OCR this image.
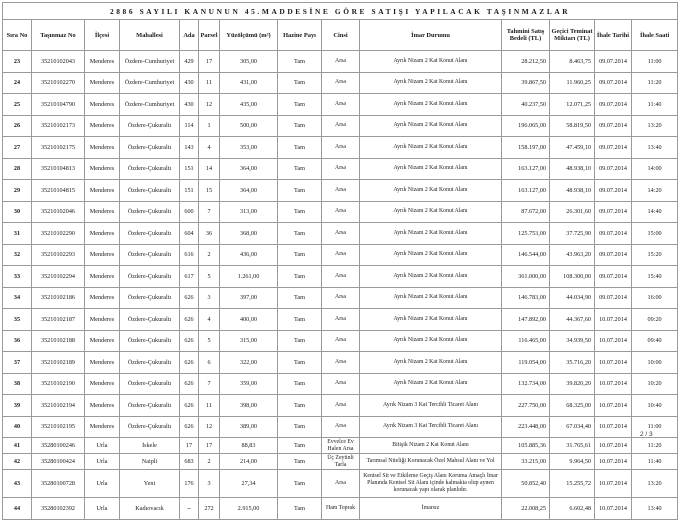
2886 SAYILI KANUNUN 45.MADDESİNE GÖRE SATIŞI YAPILACAK TAŞINMAZLAR													
Sıra No	Taşınmaz No	İlçesi	Mahallesi	Ada	Parsel	Yüzölçümü (m²)	Hazine Payı	Cinsi	İmar Durumu	Tahmini Satış Bedeli (TL)	Geçici Teminat Miktarı (TL)	İhale Tarihi	İhale Saati
23	35210102043	Menderes	Özdere-Cumhuriyet	429	17	305,00	Tam	Arsa	Ayrık Nizam 2 Kat Konut Alanı	28.212,50	8.463,75	09.07.2014	11:00
24	35210102270	Menderes	Özdere-Cumhuriyet	430	11	431,00	Tam	Arsa	Ayrık Nizam 2 Kat Konut Alanı	39.867,50	11.960,25	09.07.2014	11:20
25	35210104790	Menderes	Özdere-Cumhuriyet	430	12	435,00	Tam	Arsa	Ayrık Nizam 2 Kat Konut Alanı	40.237,50	12.071,25	09.07.2014	11:40
26	35210102173	Menderes	Özdere-Çukuraltı	114	1	500,00	Tam	Arsa	Ayrık Nizam 2 Kat Konut Alanı	196.065,00	58.819,50	09.07.2014	13:20
27	35210102175	Menderes	Özdere-Çukuraltı	143	4	353,00	Tam	Arsa	Ayrık Nizam 2 Kat Konut Alanı	158.197,00	47.459,10	09.07.2014	13:40
28	35210104813	Menderes	Özdere-Çukuraltı	151	14	364,00	Tam	Arsa	Ayrık Nizam 2 Kat Konut Alanı	163.127,00	48.938,10	09.07.2014	14:00
29	35210104815	Menderes	Özdere-Çukuraltı	151	15	364,00	Tam	Arsa	Ayrık Nizam 2 Kat Konut Alanı	163.127,00	48.938,10	09.07.2014	14:20
30	35210102046	Menderes	Özdere-Çukuraltı	600	7	313,00	Tam	Arsa	Ayrık Nizam 2 Kat Konut Alanı	87.672,00	26.301,60	09.07.2014	14:40
31	35210102290	Menderes	Özdere-Çukuraltı	604	36	368,00	Tam	Arsa	Ayrık Nizam 2 Kat Konut Alanı	125.753,00	37.725,90	09.07.2014	15:00
32	35210102293	Menderes	Özdere-Çukuraltı	616	2	436,00	Tam	Arsa	Ayrık Nizam 2 Kat Konut Alanı	146.544,00	43.963,20	09.07.2014	15:20
33	35210102294	Menderes	Özdere-Çukuraltı	617	5	1.261,00	Tam	Arsa	Ayrık Nizam 2 Kat Konut Alanı	361.000,00	108.300,00	09.07.2014	15:40
34	35210102186	Menderes	Özdere-Çukuraltı	626	3	397,00	Tam	Arsa	Ayrık Nizam 2 Kat Konut Alanı	146.783,00	44.034,90	09.07.2014	16:00
35	35210102187	Menderes	Özdere-Çukuraltı	626	4	400,00	Tam	Arsa	Ayrık Nizam 2 Kat Konut Alanı	147.892,00	44.367,60	10.07.2014	09:20
36	35210102188	Menderes	Özdere-Çukuraltı	626	5	315,00	Tam	Arsa	Ayrık Nizam 2 Kat Konut Alanı	116.465,00	34.939,50	10.07.2014	09:40
37	35210102189	Menderes	Özdere-Çukuraltı	626	6	322,00	Tam	Arsa	Ayrık Nizam 2 Kat Konut Alanı	119.054,00	35.716,20	10.07.2014	10:00
38	35210102190	Menderes	Özdere-Çukuraltı	626	7	359,00	Tam	Arsa	Ayrık Nizam 2 Kat Konut Alanı	132.734,00	39.820,20	10.07.2014	10:20
39	35210102194	Menderes	Özdere-Çukuraltı	626	11	398,00	Tam	Arsa	Ayrık Nizam 3 Kat Tercihli Ticaret Alanı	227.750,00	68.325,00	10.07.2014	10:40
40	35210102195	Menderes	Özdere-Çukuraltı	626	12	389,00	Tam	Arsa	Ayrık Nizam 3 Kat Tercihli Ticaret Alanı	223.448,00	67.034,40	10.07.2014	11:00
41	35280100246	Urla	İskele	17	17	88,83	Tam	Evvelce Ev Halen Arsa	Bitişik Nizam 2 Kat Konut Alanı	105.885,36	31.765,61	10.07.2014	11:20
42	35280100424	Urla	Naipli	683	2	214,00	Tam	Üç Zeytinli Tarla	Tarımsal Niteliği Korunacak Özel Mahsul Alanı ve Yol	33.215,00	9.964,50	10.07.2014	11:40
43	35280100728	Urla	Yeni	176	3	27,34	Tam	Arsa	Kentsel Sit ve Etkileme Geçiş Alanı Koruma Amaçlı İmar Planında Kentsel Sit Alanı içinde kalmakta olup aynen korunacak yapı olarak planlıdır.	50.852,40	15.255,72	10.07.2014	13:20
44	35280102392	Urla	Kadıovacık	--	272	2.915,00	Tam	Ham Toprak	İmarsız	22.008,25	6.602,48	10.07.2014	13:40
2 / 3
